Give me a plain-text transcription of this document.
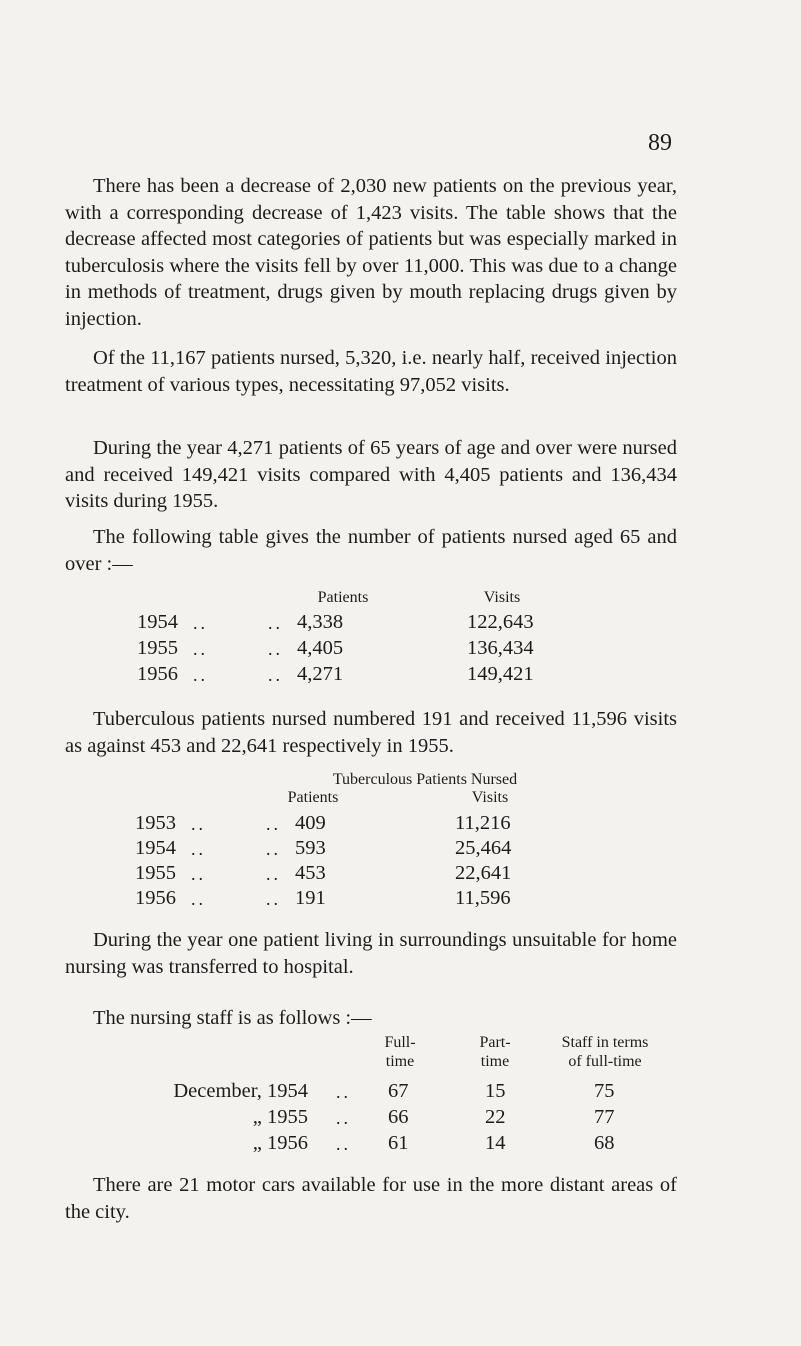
89

There has been a decrease of 2,030 new patients on the previous year, with a corresponding decrease of 1,423 visits. The table shows that the decrease affected most categories of patients but was especially marked in tuberculosis where the visits fell by over 11,000. This was due to a change in methods of treatment, drugs given by mouth replacing drugs given by injection.

Of the 11,167 patients nursed, 5,320, i.e. nearly half, received injection treatment of various types, necessitating 97,052 visits.

During the year 4,271 patients of 65 years of age and over were nursed and received 149,421 visits compared with 4,405 patients and 136,434 visits during 1955.

The following table gives the number of patients nursed aged 65 and over :—

Patients	Visits
1954 ..	.. 4,338	122,643
1955 ..	.. 4,405	136,434
1956 ..	.. 4,271	149,421

Tuberculous patients nursed numbered 191 and received 11,596 visits as against 453 and 22,641 respectively in 1955.

Tuberculous Patients Nursed
Patients	Visits
1953 ..	.. 409	11,216
1954 ..	.. 593	25,464
1955 ..	.. 453	22,641
1956 ..	.. 191	11,596

During the year one patient living in surroundings unsuitable for home nursing was transferred to hospital.

The nursing staff is as follows :—

Full-
time
Part-
time
Staff in terms
of full-time
December, 1954 .. 67	15	75
„ 1955 .. 66	22	77
„ 1956 .. 61	14	68

There are 21 motor cars available for use in the more distant areas of the city.
